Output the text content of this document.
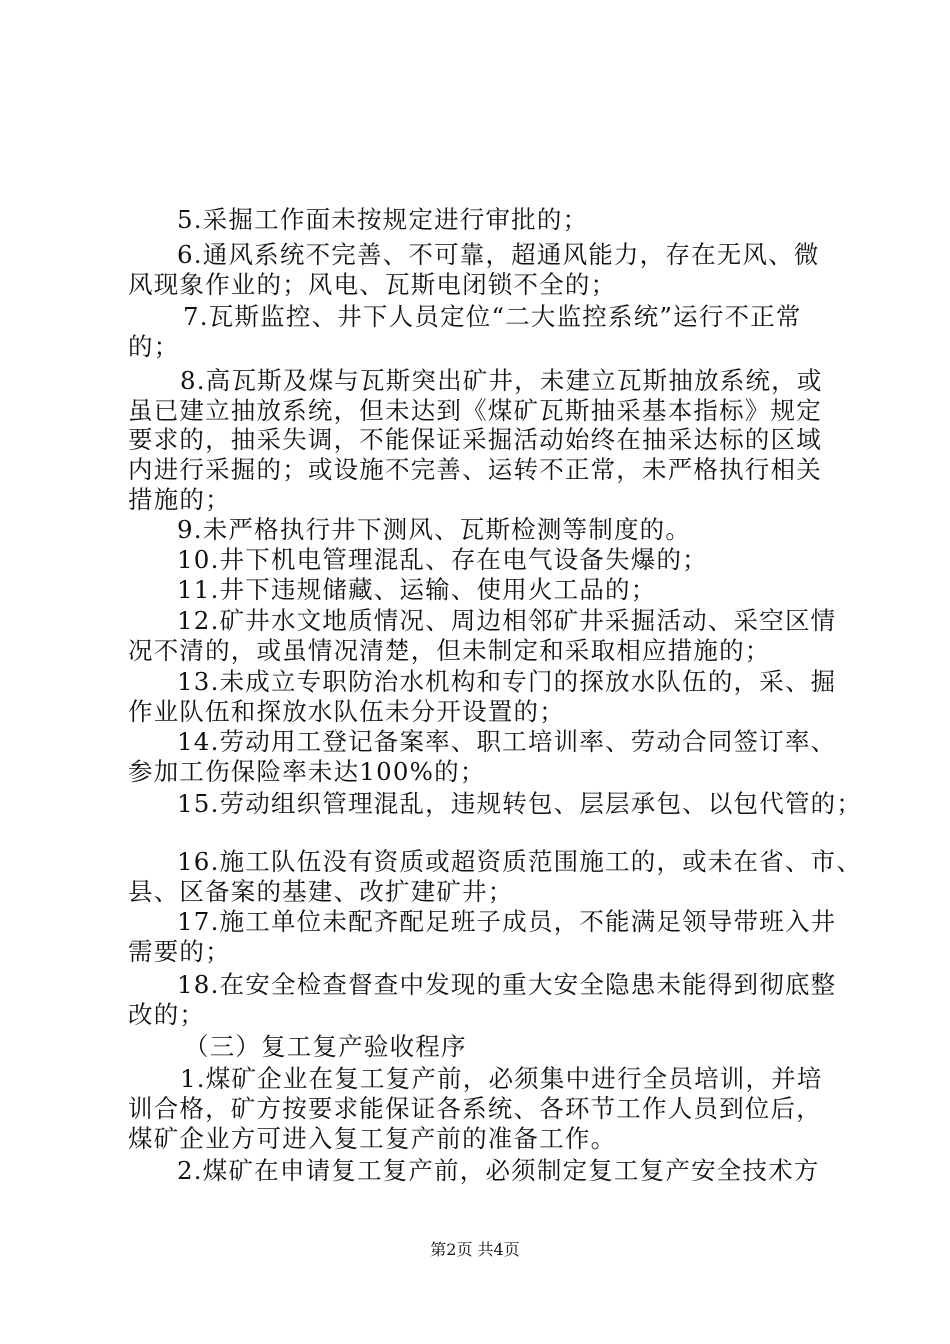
5.采掘工作面未按规定进行审批的；
6.通风系统不完善、不可靠，超通风能力，存在无风、微
风现象作业的；风电、瓦斯电闭锁不全的；
7.瓦斯监控、井下人员定位“二大监控系统”运行不正常
的；
8.高瓦斯及煤与瓦斯突出矿井，未建立瓦斯抽放系统，或
虽已建立抽放系统，但未达到《煤矿瓦斯抽采基本指标》规定
要求的，抽采失调，不能保证采掘活动始终在抽采达标的区域
内进行采掘的；或设施不完善、运转不正常，未严格执行相关
措施的；
9.未严格执行井下测风、瓦斯检测等制度的。
10.井下机电管理混乱、存在电气设备失爆的；
11.井下违规储藏、运输、使用火工品的；
12.矿井水文地质情况、周边相邻矿井采掘活动、采空区情
况不清的，或虽情况清楚，但未制定和采取相应措施的；
13.未成立专职防治水机构和专门的探放水队伍的，采、掘
作业队伍和探放水队伍未分开设置的；
14.劳动用工登记备案率、职工培训率、劳动合同签订率、
参加工伤保险率未达100%的；
15.劳动组织管理混乱，违规转包、层层承包、以包代管的；
16.施工队伍没有资质或超资质范围施工的，或未在省、市、
县、区备案的基建、改扩建矿井；
17.施工单位未配齐配足班子成员，不能满足领导带班入井
需要的；
18.在安全检查督查中发现的重大安全隐患未能得到彻底整
改的；
（三）复工复产验收程序
1.煤矿企业在复工复产前，必须集中进行全员培训，并培
训合格，矿方按要求能保证各系统、各环节工作人员到位后，
煤矿企业方可进入复工复产前的准备工作。
2.煤矿在申请复工复产前，必须制定复工复产安全技术方
第2页 共4页
